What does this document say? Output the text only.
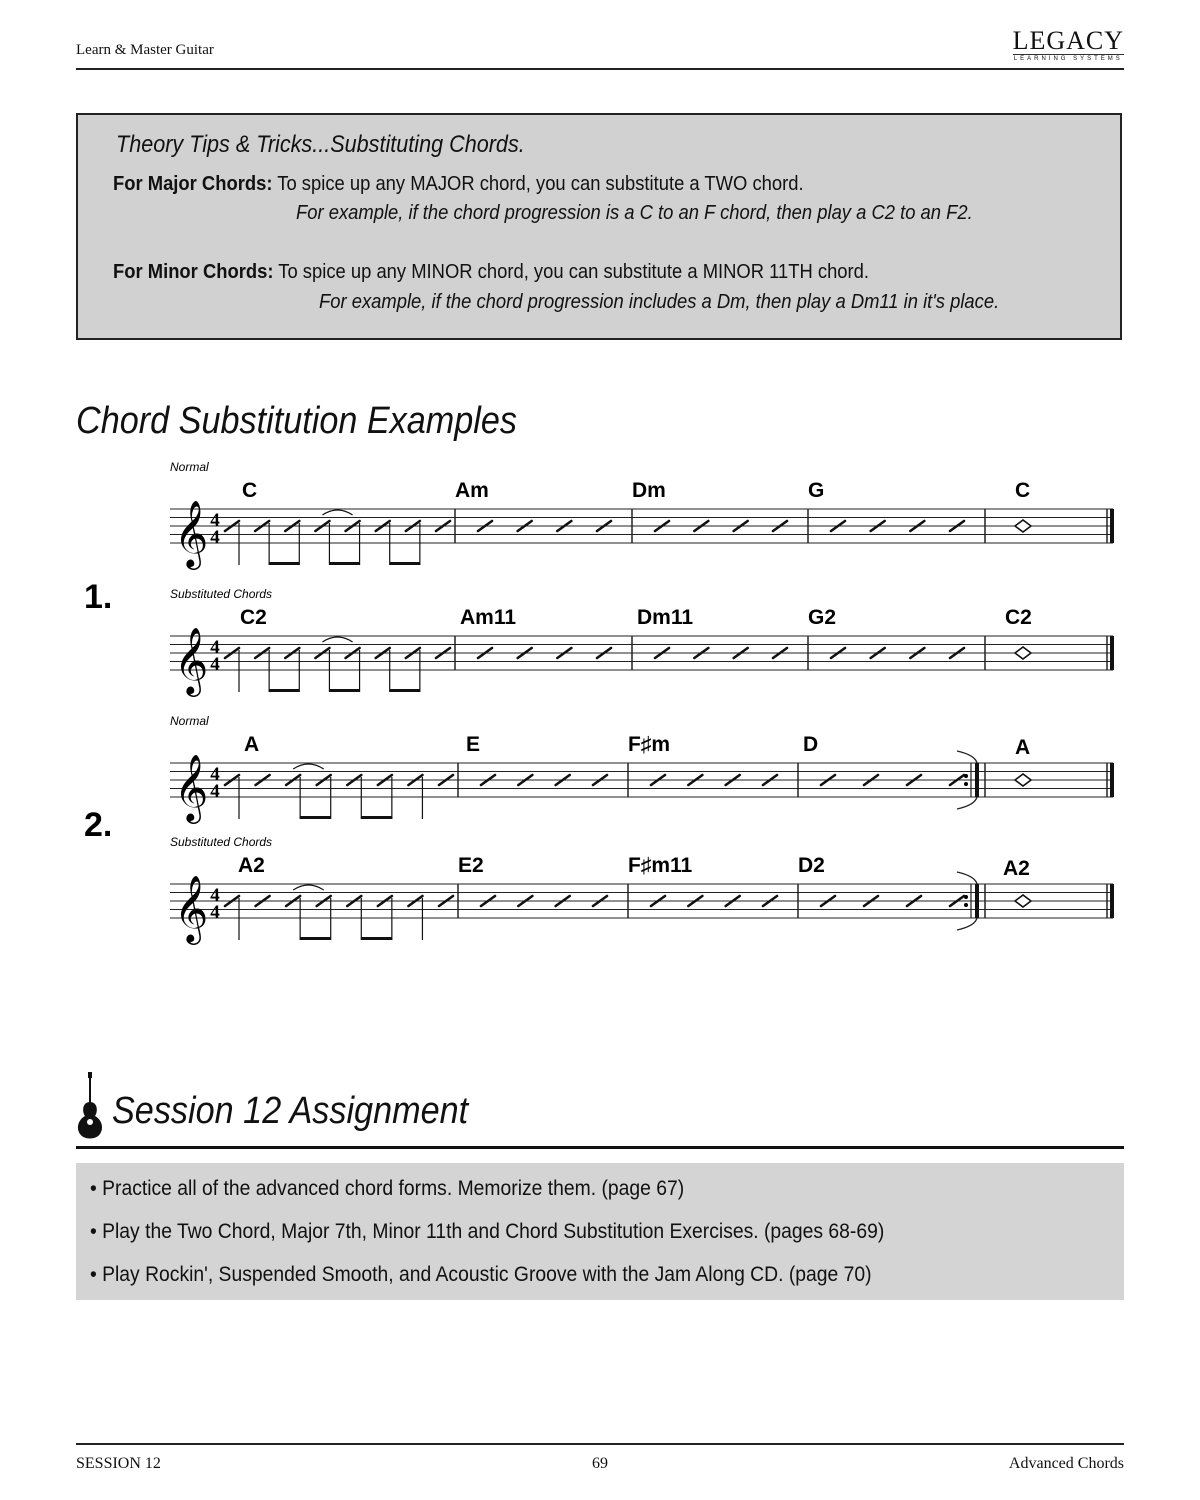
Learn & Master Guitar	LEGACY
LEARNING SYSTEMS
Theory Tips & Tricks...Substituting Chords.
For Major Chords: To spice up any MAJOR chord, you can substitute a TWO chord.
For example, if the chord progression is a C to an F chord, then play a C2 to an F2.
For Minor Chords: To spice up any MINOR chord, you can substitute a MINOR 11TH chord.
For example, if the chord progression includes a Dm, then play a Dm11 in it's place.
Chord Substitution Examples
1.
Normal
𝄞 4
4
C	Am	Dm	G	C
Substituted Chords
𝄞 4
4
C2	Am11	Dm11	G2	C2
2.
Normal
𝄞 4
4
A	E	F♯m	D	A
Substituted Chords
𝄞 4
4
A2	E2	F♯m11	D2	A2
Session 12 Assignment
• Practice all of the advanced chord forms. Memorize them. (page 67)
• Play the Two Chord, Major 7th, Minor 11th and Chord Substitution Exercises. (pages 68-69)
• Play Rockin', Suspended Smooth, and Acoustic Groove with the Jam Along CD. (page 70)
SESSION 12	69	Advanced Chords
